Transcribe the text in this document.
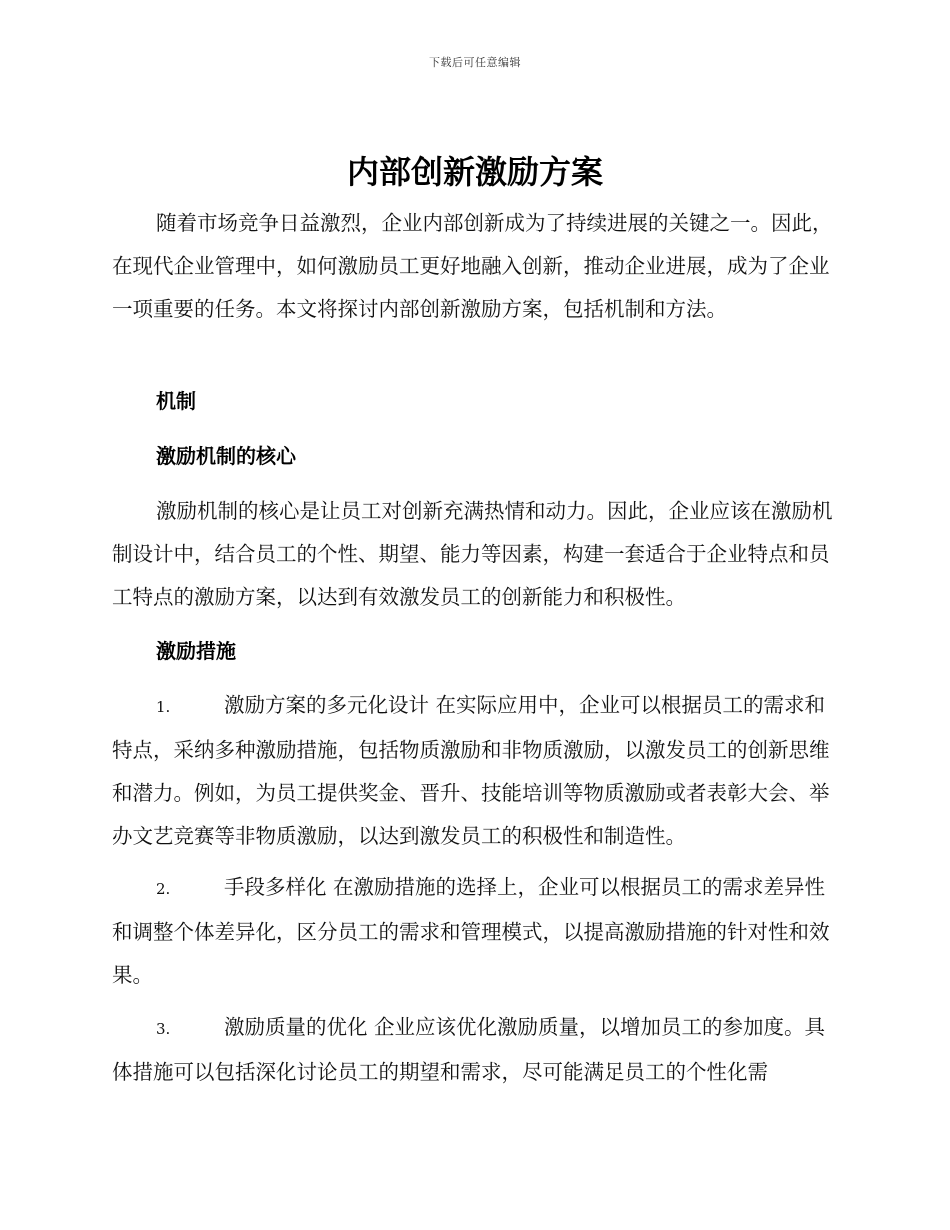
下载后可任意编辑
内部创新激励方案

随着市场竞争日益激烈，企业内部创新成为了持续进展的关键之一。因此，在现代企业管理中，如何激励员工更好地融入创新，推动企业进展，成为了企业一项重要的任务。本文将探讨内部创新激励方案，包括机制和方法。

机制

激励机制的核心

激励机制的核心是让员工对创新充满热情和动力。因此，企业应该在激励机制设计中，结合员工的个性、期望、能力等因素，构建一套适合于企业特点和员工特点的激励方案，以达到有效激发员工的创新能力和积极性。

激励措施

1.	激励方案的多元化设计 在实际应用中，企业可以根据员工的需求和特点，采纳多种激励措施，包括物质激励和非物质激励，以激发员工的创新思维和潜力。例如，为员工提供奖金、晋升、技能培训等物质激励或者表彰大会、举办文艺竞赛等非物质激励，以达到激发员工的积极性和制造性。

2.	手段多样化 在激励措施的选择上，企业可以根据员工的需求差异性和调整个体差异化，区分员工的需求和管理模式，以提高激励措施的针对性和效果。

3.	激励质量的优化 企业应该优化激励质量，以增加员工的参加度。具体措施可以包括深化讨论员工的期望和需求，尽可能满足员工的个性化需
